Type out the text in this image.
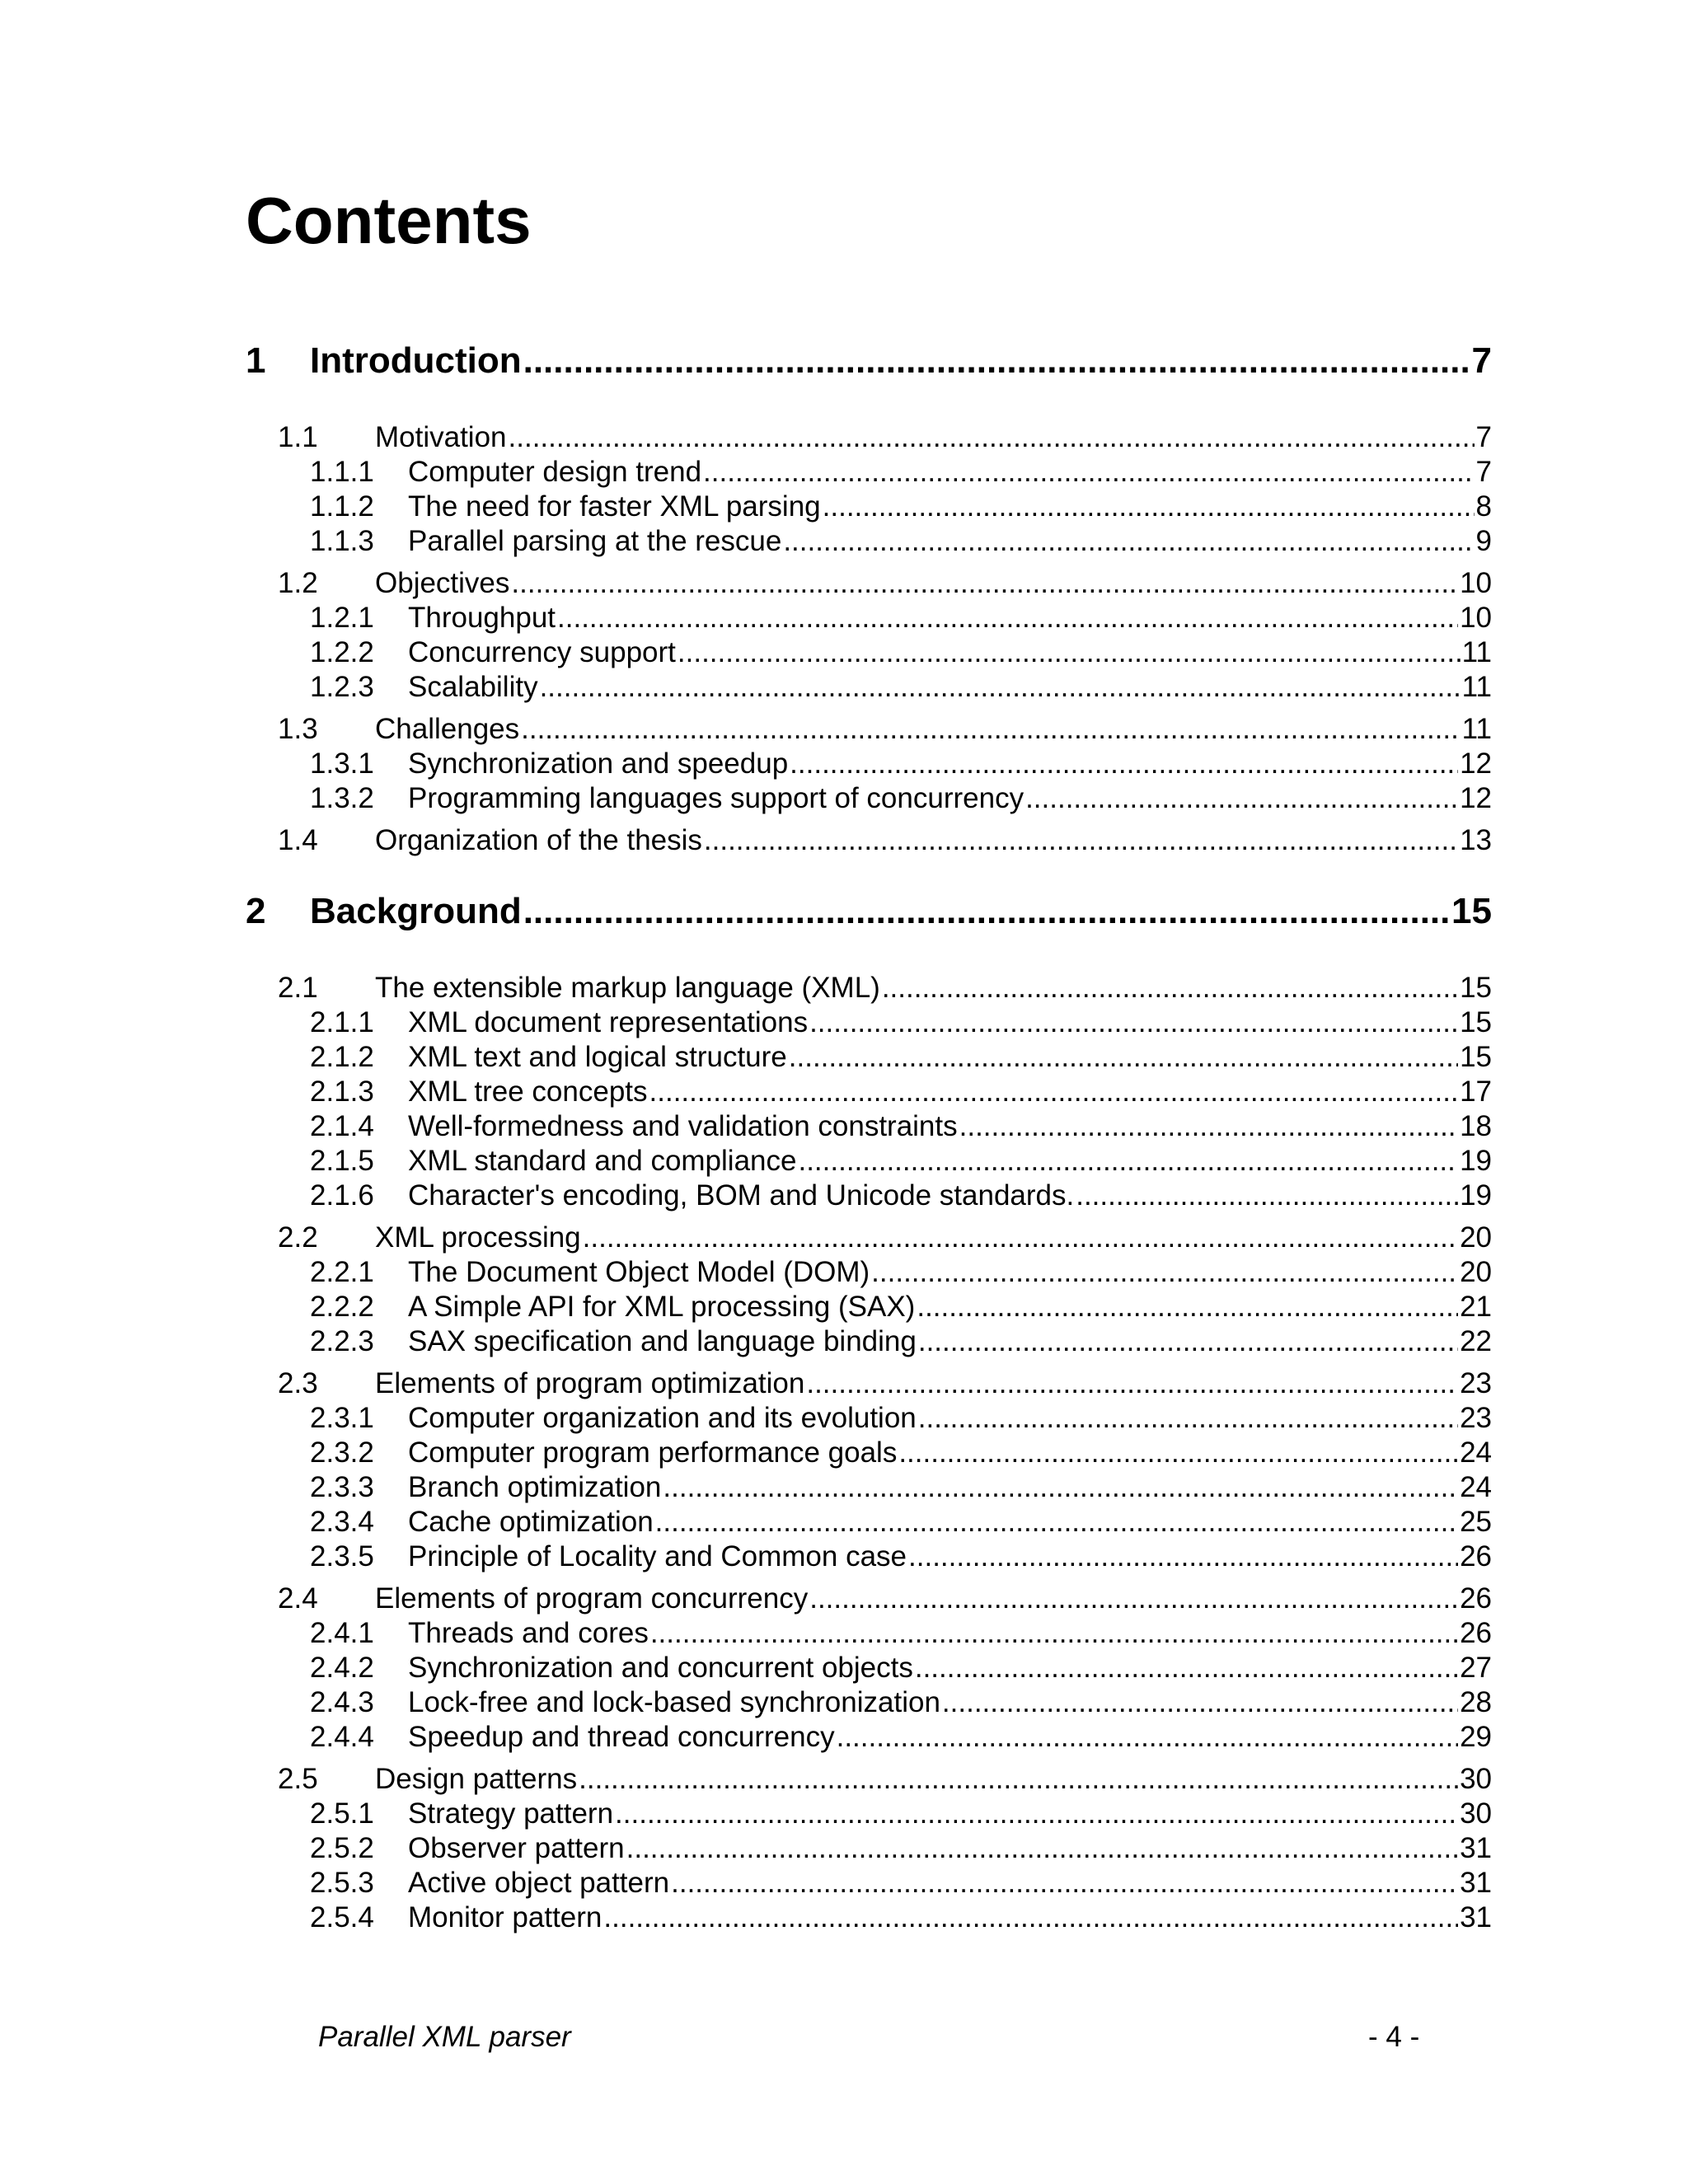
Contents
1	Introduction .....	7
1.1	Motivation .....	7
1.1.1	Computer design trend .....	7
1.1.2	The need for faster XML parsing .....	8
1.1.3	Parallel parsing at the rescue .....	9
1.2	Objectives .....	10
1.2.1	Throughput .....	10
1.2.2	Concurrency support .....	11
1.2.3	Scalability .....	11
1.3	Challenges .....	11
1.3.1	Synchronization and speedup .....	12
1.3.2	Programming languages support of concurrency .....	12
1.4	Organization of the thesis .....	13
2	Background .....	15
2.1	The extensible markup language (XML) .....	15
2.1.1	XML document representations .....	15
2.1.2	XML text and logical structure .....	15
2.1.3	XML tree concepts .....	17
2.1.4	Well-formedness and validation constraints .....	18
2.1.5	XML standard and compliance .....	19
2.1.6	Character's encoding, BOM and Unicode standards. .....	19
2.2	XML processing .....	20
2.2.1	The Document Object Model (DOM) .....	20
2.2.2	A Simple API for XML processing (SAX) .....	21
2.2.3	SAX specification and language binding .....	22
2.3	Elements of program optimization .....	23
2.3.1	Computer organization and its evolution .....	23
2.3.2	Computer program performance goals .....	24
2.3.3	Branch optimization .....	24
2.3.4	Cache optimization .....	25
2.3.5	Principle of Locality and Common case .....	26
2.4	Elements of program concurrency .....	26
2.4.1	Threads and cores .....	26
2.4.2	Synchronization and concurrent objects .....	27
2.4.3	Lock-free and lock-based synchronization .....	28
2.4.4	Speedup and thread concurrency .....	29
2.5	Design patterns .....	30
2.5.1	Strategy pattern .....	30
2.5.2	Observer pattern .....	31
2.5.3	Active object pattern .....	31
2.5.4	Monitor pattern .....	31
Parallel XML parser	- 4 -
